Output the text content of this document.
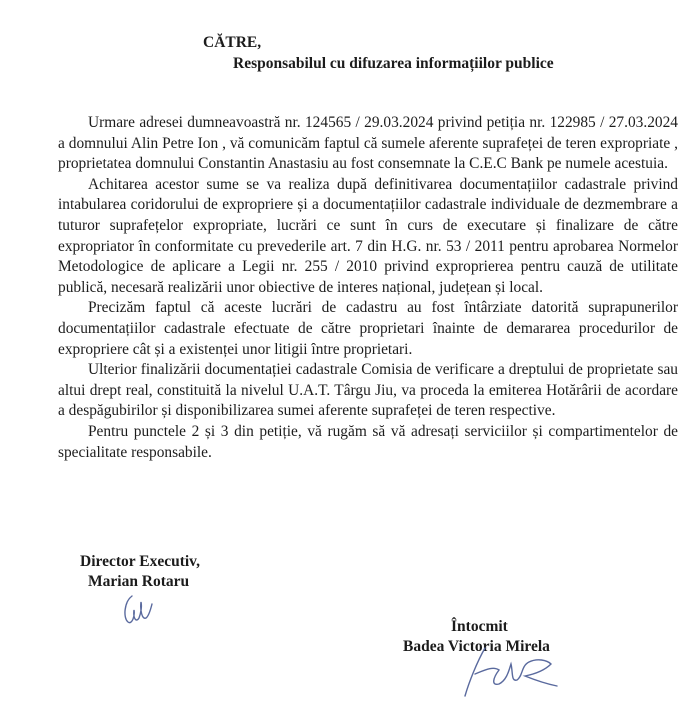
CĂTRE,
Responsabilul cu difuzarea informațiilor publice

Urmare adresei dumneavoastră nr. 124565 / 29.03.2024 privind petiția nr. 122985 / 27.03.2024 a domnului Alin Petre Ion , vă comunicăm faptul că sumele aferente suprafeței de teren expropriate , proprietatea domnului Constantin Anastasiu au fost consemnate la C.E.C Bank pe numele acestuia.

Achitarea acestor sume se va realiza după definitivarea documentațiilor cadastrale privind intabularea coridorului de expropriere și a documentațiilor cadastrale individuale de dezmembrare a tuturor suprafețelor expropriate, lucrări ce sunt în curs de executare și finalizare de către expropriator în conformitate cu prevederile art. 7 din H.G. nr. 53 / 2011 pentru aprobarea Normelor Metodologice de aplicare a Legii nr. 255 / 2010 privind exproprierea pentru cauză de utilitate publică, necesară realizării unor obiective de interes național, județean și local.

Precizăm faptul că aceste lucrări de cadastru au fost întârziate datorită suprapunerilor documentațiilor cadastrale efectuate de către proprietari înainte de demararea procedurilor de expropriere cât și a existenței unor litigii între proprietari.

Ulterior finalizării documentației cadastrale Comisia de verificare a dreptului de proprietate sau altui drept real, constituită la nivelul U.A.T. Târgu Jiu, va proceda la emiterea Hotărârii de acordare a despăgubirilor și disponibilizarea sumei aferente suprafeței de teren respective.

Pentru punctele 2 și 3 din petiție, vă rugăm să vă adresați serviciilor și compartimentelor de specialitate responsabile.

Director Executiv,
Marian Rotaru
Întocmit
Badea Victoria Mirela
